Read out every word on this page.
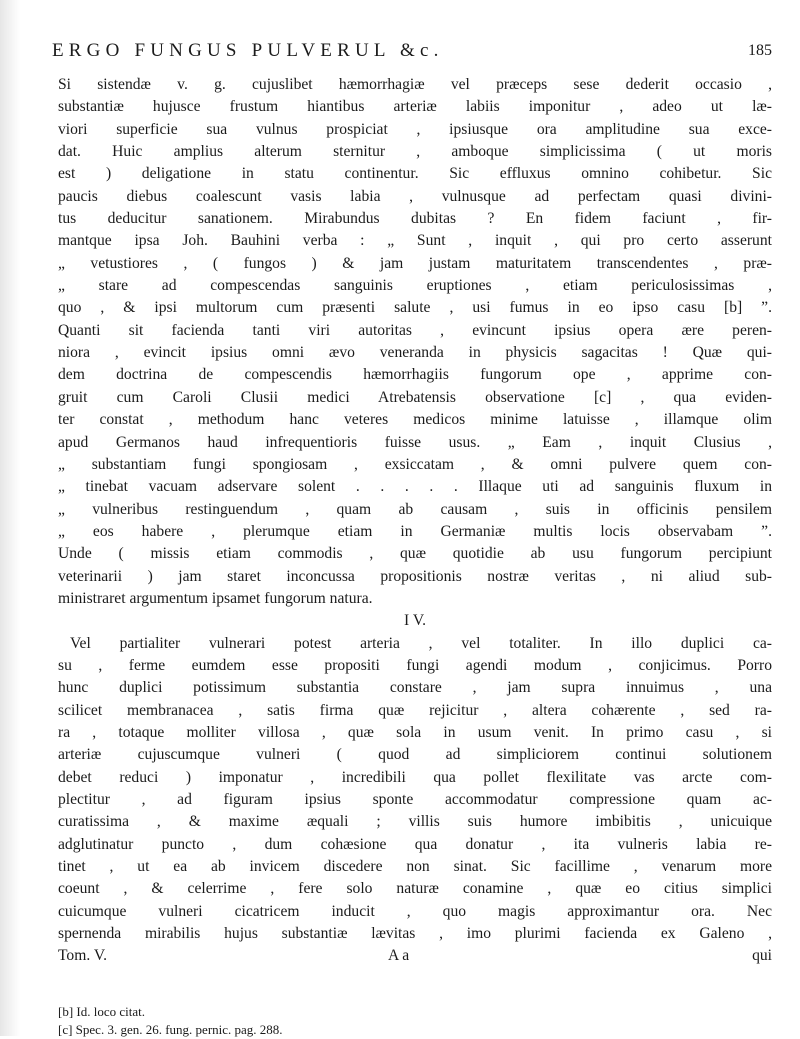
ERGO FUNGUS PULVERUL &c.	185
Si sistendæ v. g. cujuslibet hæmorrhagiæ vel præceps sese dederit occasio ,
substantiæ hujusce frustum hiantibus arteriæ labiis imponitur , adeo ut læ-
viori superficie sua vulnus prospiciat , ipsiusque ora amplitudine sua exce-
dat. Huic amplius alterum sternitur , amboque simplicissima ( ut moris
est ) deligatione in statu continentur. Sic effluxus omnino cohibetur. Sic
paucis diebus coalescunt vasis labia , vulnusque ad perfectam quasi divini-
tus deducitur sanationem. Mirabundus dubitas ? En fidem faciunt , fir-
mantque ipsa Joh. Bauhini verba : „ Sunt , inquit , qui pro certo asserunt
„ vetustiores , ( fungos ) & jam justam maturitatem transcendentes , præ-
„ stare ad compescendas sanguinis eruptiones , etiam periculosissimas ,
quo , & ipsi multorum cum præsenti salute , usi fumus in eo ipso casu [b] ”.
Quanti sit facienda tanti viri autoritas , evincunt ipsius opera ære peren-
niora , evincit ipsius omni ævo veneranda in physicis sagacitas ! Quæ qui-
dem doctrina de compescendis hæmorrhagiis fungorum ope , apprime con-
gruit cum Caroli Clusii medici Atrebatensis observatione [c] , qua eviden-
ter constat , methodum hanc veteres medicos minime latuisse , illamque olim
apud Germanos haud infrequentioris fuisse usus. „ Eam , inquit Clusius ,
„ substantiam fungi spongiosam , exsiccatam , & omni pulvere quem con-
„ tinebat vacuam adservare solent . . . . . Illaque uti ad sanguinis fluxum in
„ vulneribus restinguendum , quam ab causam , suis in officinis pensilem
„ eos habere , plerumque etiam in Germaniæ multis locis observabam ”.
Unde ( missis etiam commodis , quæ quotidie ab usu fungorum percipiunt
veterinarii ) jam staret inconcussa propositionis nostræ veritas , ni aliud sub-
ministraret argumentum ipsamet fungorum natura.
I V.
Vel partialiter vulnerari potest arteria , vel totaliter. In illo duplici ca-
su , ferme eumdem esse propositi fungi agendi modum , conjicimus. Porro
hunc duplici potissimum substantia constare , jam supra innuimus , una
scilicet membranacea , satis firma quæ rejicitur , altera cohærente , sed ra-
ra , totaque molliter villosa , quæ sola in usum venit. In primo casu , si
arteriæ cujuscumque vulneri ( quod ad simpliciorem continui solutionem
debet reduci ) imponatur , incredibili qua pollet flexilitate vas arcte com-
plectitur , ad figuram ipsius sponte accommodatur compressione quam ac-
curatissima , & maxime æquali ; villis suis humore imbibitis , unicuique
adglutinatur puncto , dum cohæsione qua donatur , ita vulneris labia re-
tinet , ut ea ab invicem discedere non sinat. Sic facillime , venarum more
coeunt , & celerrime , fere solo naturæ conamine , quæ eo citius simplici
cuicumque vulneri cicatricem inducit , quo magis approximantur ora. Nec
spernenda mirabilis hujus substantiæ lævitas , imo plurimi facienda ex Galeno ,
Tom. V.	A a	qui
[b] Id. loco citat.
[c] Spec. 3. gen. 26. fung. pernic. pag. 288.
